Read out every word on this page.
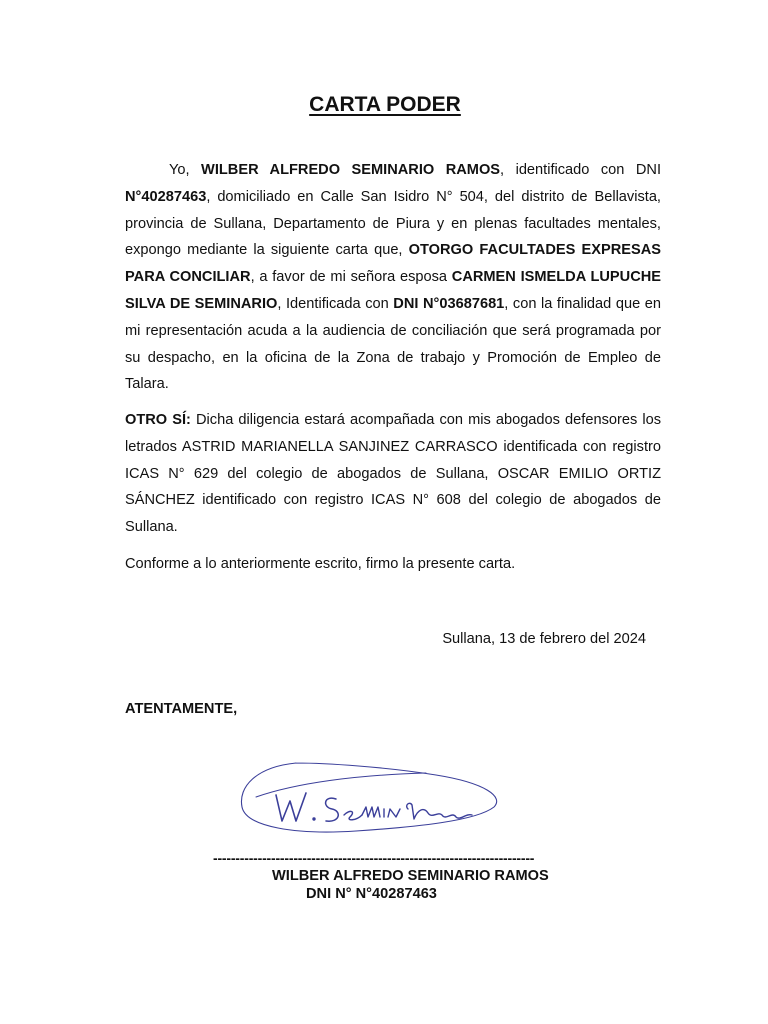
CARTA PODER
Yo, WILBER ALFREDO SEMINARIO RAMOS, identificado con DNI N°40287463, domiciliado en Calle San Isidro N° 504, del distrito de Bellavista, provincia de Sullana, Departamento de Piura y en plenas facultades mentales, expongo mediante la siguiente carta que, OTORGO FACULTADES EXPRESAS PARA CONCILIAR, a favor de mi señora esposa CARMEN ISMELDA LUPUCHE SILVA DE SEMINARIO, Identificada con DNI N°03687681, con la finalidad que en mi representación acuda a la audiencia de conciliación que será programada por su despacho, en la oficina de la Zona de trabajo y Promoción de Empleo de Talara.
OTRO SÍ: Dicha diligencia estará acompañada con mis abogados defensores los letrados ASTRID MARIANELLA SANJINEZ CARRASCO identificada con registro ICAS N° 629 del colegio de abogados de Sullana, OSCAR EMILIO ORTIZ SÁNCHEZ identificado con registro ICAS N° 608 del colegio de abogados de Sullana.
Conforme a lo anteriormente escrito, firmo la presente carta.
Sullana, 13 de febrero del 2024
ATENTAMENTE,
------------------------------------------------------------------------
WILBER ALFREDO SEMINARIO RAMOS
DNI N° N°40287463
